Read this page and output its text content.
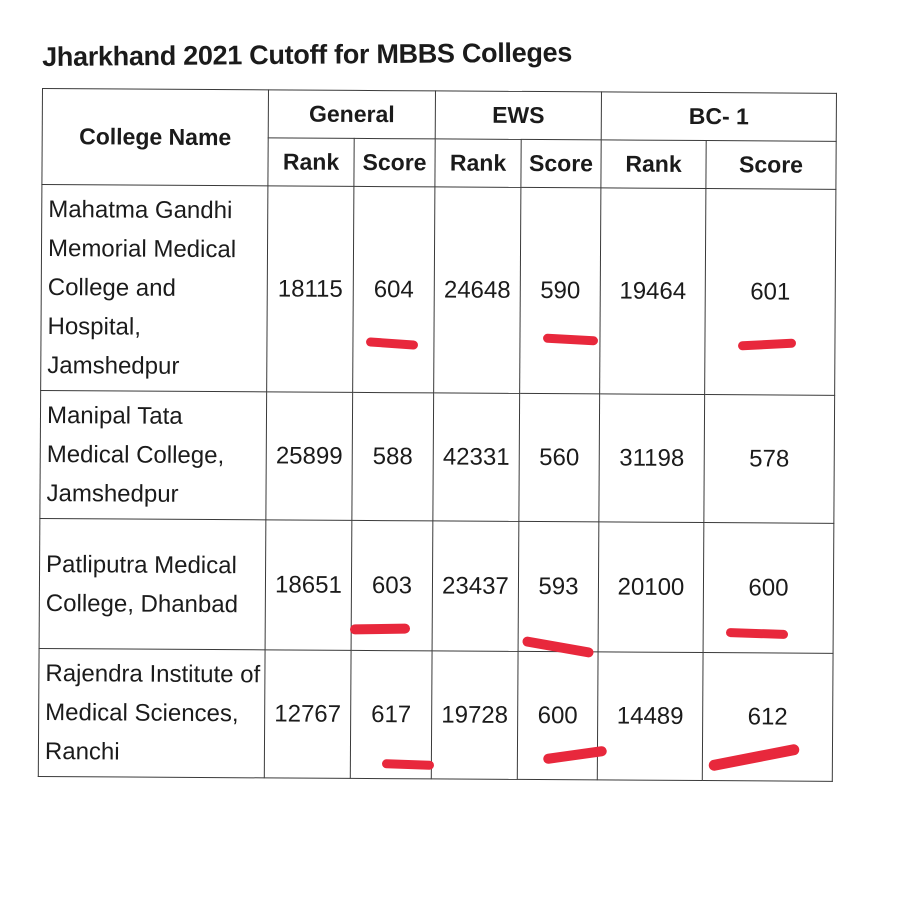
Jharkhand 2021 Cutoff for MBBS Colleges
College Name	General		EWS		BC- 1	
	Rank	Score	Rank	Score	Rank	Score
Mahatma Gandhi Memorial Medical College and Hospital, Jamshedpur	18115	604	24648	590	19464	601
Manipal Tata Medical College, Jamshedpur	25899	588	42331	560	31198	578
Patliputra Medical College, Dhanbad	18651	603	23437	593	20100	600
Rajendra Institute of Medical Sciences, Ranchi	12767	617	19728	600	14489	612
